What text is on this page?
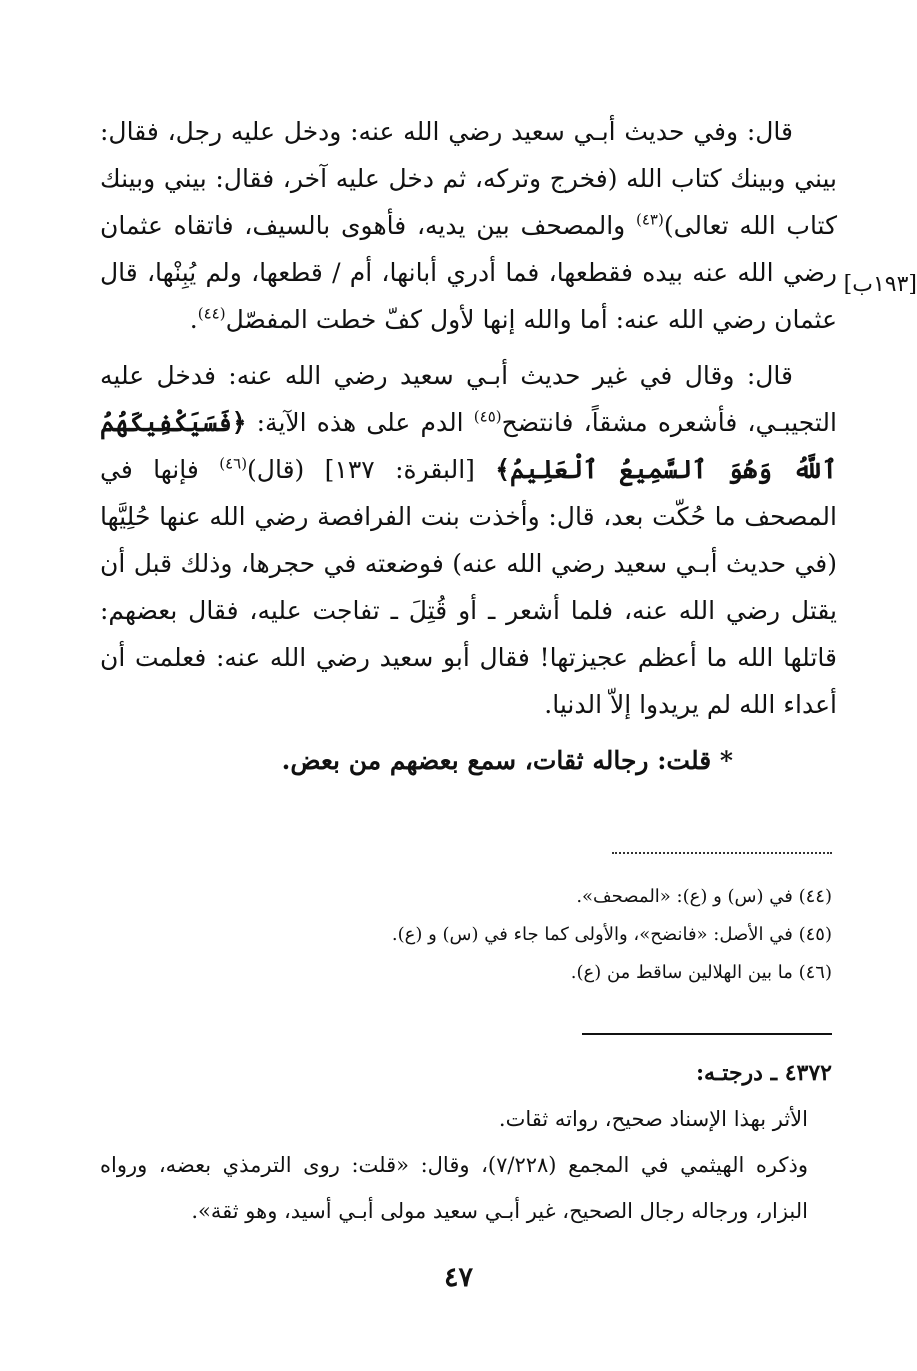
[١٩٣ب]

قال: وفي حديث أبـي سعيد رضي الله عنه: ودخل عليه رجل، فقال: بيني وبينك كتاب الله (فخرج وتركه، ثم دخل عليه آخر، فقال: بيني وبينك كتاب الله تعالى)$^{(٤٣)}$ والمصحف بين يديه، فأهوى بالسيف، فاتقاه عثمان رضي الله عنه بيده فقطعها، فما أدري أبانها، أم / قطعها، ولم يُبِنْها، قال عثمان رضي الله عنه: أما والله إنها لأول كفّ خطت المفصّل$^{(٤٤)}$.

قال: وقال في غير حديث أبـي سعيد رضي الله عنه: فدخل عليه التجيبـي، فأشعره مشقاً، فانتضح$^{(٤٥)}$ الدم على هذه الآية: ﴿فَسَيَكْفِيكَهُمُ ٱللَّهُ وَهُوَ ٱلسَّمِيعُ ٱلْعَلِيمُ﴾ [البقرة: ١٣٧] (قال)$^{(٤٦)}$ فإنها في المصحف ما حُكّت بعد، قال: وأخذت بنت الفرافصة رضي الله عنها حُلِيَّها (في حديث أبـي سعيد رضي الله عنه) فوضعته في حجرها، وذلك قبل أن يقتل رضي الله عنه، فلما أشعر ـ أو قُتِلَ ـ تفاجت عليه، فقال بعضهم: قاتلها الله ما أعظم عجيزتها! فقال أبو سعيد رضي الله عنه: فعلمت أن أعداء الله لم يريدوا إلاّ الدنيا.

* قلت: رجاله ثقات، سمع بعضهم من بعض.

(٤٤) في (س) و (ع): «المصحف».
(٤٥) في الأصل: «فانضح»، والأولى كما جاء في (س) و (ع).
(٤٦) ما بين الهلالين ساقط من (ع).

٤٣٧٢ ـ درجتـه:

الأثر بهذا الإسناد صحيح، رواته ثقات.

وذكره الهيثمي في المجمع (٧/٢٢٨)، وقال: «قلت: روى الترمذي بعضه، ورواه البزار، ورجاله رجال الصحيح، غير أبـي سعيد مولى أبـي أسيد، وهو ثقة».

٤٧
